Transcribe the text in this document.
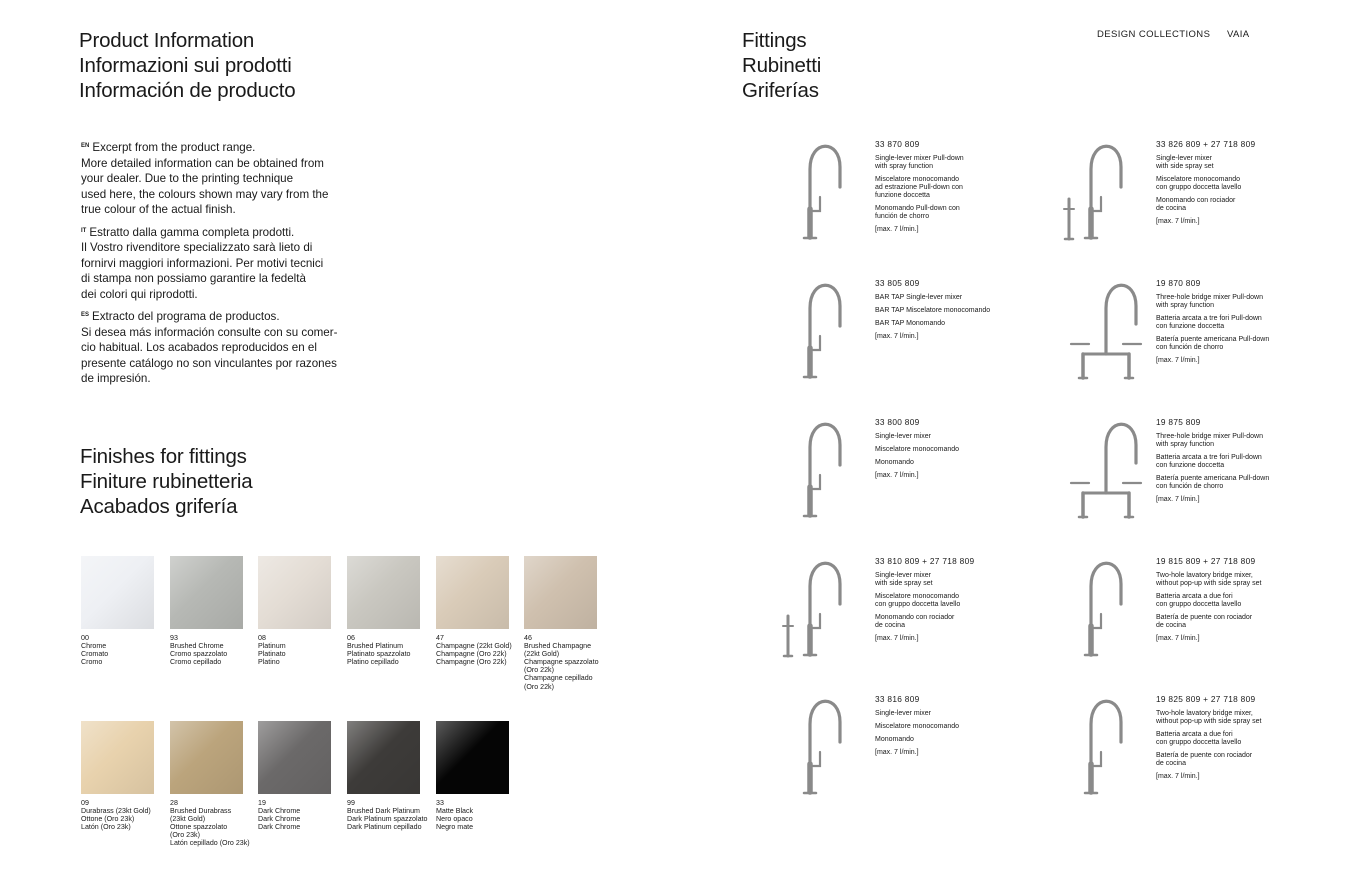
Product Information
Informazioni sui prodotti
Información de producto
Fittings
Rubinetti
Griferías
DESIGN COLLECTIONS VAIA

$^{EN}$ Excerpt from the product range.
More detailed information can be obtained from
your dealer. Due to the printing technique
used here, the colours shown may vary from the
true colour of the actual finish.

$^{IT}$ Estratto dalla gamma completa prodotti.
Il Vostro rivenditore specializzato sarà lieto di
fornirvi maggiori informazioni. Per motivi tecnici
di stampa non possiamo garantire la fedeltà
dei colori qui riprodotti.

$^{ES}$ Extracto del programa de productos.
Si desea más información consulte con su comer-
cio habitual. Los acabados reproducidos en el
presente catálogo no son vinculantes por razones
de impresión.

Finishes for fittings
Finiture rubinetteria
Acabados grifería
00
Chrome
Cromato
Cromo
93
Brushed Chrome
Cromo spazzolato
Cromo cepillado
08
Platinum
Platinato
Platino
06
Brushed Platinum
Platinato spazzolato
Platino cepillado
47
Champagne (22kt Gold)
Champagne (Oro 22k)
Champagne (Oro 22k)
46
Brushed Champagne
(22kt Gold)
Champagne spazzolato
(Oro 22k)
Champagne cepillado
(Oro 22k)
09
Durabrass (23kt Gold)
Ottone (Oro 23k)
Latón (Oro 23k)
28
Brushed Durabrass
(23kt Gold)
Ottone spazzolato
(Oro 23k)
Latón cepillado (Oro 23k)
19
Dark Chrome
Dark Chrome
Dark Chrome
99
Brushed Dark Platinum
Dark Platinum spazzolato
Dark Platinum cepillado
33
Matte Black
Nero opaco
Negro mate
33 870 809
Single-lever mixer Pull-down
with spray function
Miscelatore monocomando
ad estrazione Pull-down con
funzione doccetta
Monomando Pull-down con
función de chorro
[max. 7 l/min.]
33 826 809 + 27 718 809
Single-lever mixer
with side spray set
Miscelatore monocomando
con gruppo doccetta lavello
Monomando con rociador
de cocina
[max. 7 l/min.]
33 805 809
BAR TAP Single-lever mixer
BAR TAP Miscelatore monocomando
BAR TAP Monomando
[max. 7 l/min.]
19 870 809
Three-hole bridge mixer Pull-down
with spray function
Batteria arcata a tre fori Pull-down
con funzione doccetta
Batería puente americana Pull-down
con función de chorro
[max. 7 l/min.]
33 800 809
Single-lever mixer
Miscelatore monocomando
Monomando
[max. 7 l/min.]
19 875 809
Three-hole bridge mixer Pull-down
with spray function
Batteria arcata a tre fori Pull-down
con funzione doccetta
Batería puente americana Pull-down
con función de chorro
[max. 7 l/min.]
33 810 809 + 27 718 809
Single-lever mixer
with side spray set
Miscelatore monocomando
con gruppo doccetta lavello
Monomando con rociador
de cocina
[max. 7 l/min.]
19 815 809 + 27 718 809
Two-hole lavatory bridge mixer,
without pop-up with side spray set
Batteria arcata a due fori
con gruppo doccetta lavello
Batería de puente con rociador
de cocina
[max. 7 l/min.]
33 816 809
Single-lever mixer
Miscelatore monocomando
Monomando
[max. 7 l/min.]
19 825 809 + 27 718 809
Two-hole lavatory bridge mixer,
without pop-up with side spray set
Batteria arcata a due fori
con gruppo doccetta lavello
Batería de puente con rociador
de cocina
[max. 7 l/min.]
